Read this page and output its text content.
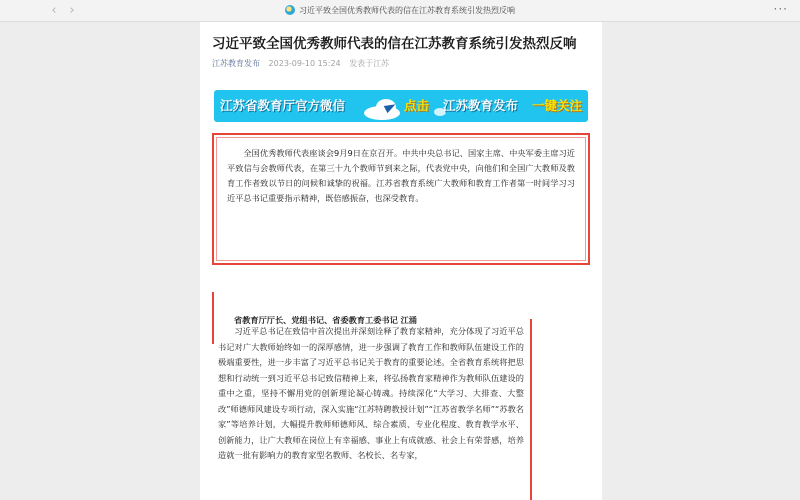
‹ ›	习近平致全国优秀教师代表的信在江苏教育系统引发热烈反响	···
习近平致全国优秀教师代表的信在江苏教育系统引发热烈反响
江苏教育发布 2023-09-10 15:24 发表于江苏
江苏省教育厅官方微信	点击 江苏教育发布 一键关注

全国优秀教师代表座谈会9月9日在京召开。中共中央总书记、国家主席、中央军委主席习近平致信与会教师代表，在第三十九个教师节到来之际，代表党中央，向他们和全国广大教师及教育工作者致以节日的问候和诚挚的祝福。江苏省教育系统广大教师和教育工作者第一时间学习习近平总书记重要指示精神，既倍感振奋，也深受教育。

省教育厅厅长、党组书记、省委教育工委书记 江涌

习近平总书记在致信中首次提出并深刻诠释了教育家精神，充分体现了习近平总书记对广大教师始终如一的深厚感情，进一步强调了教育工作和教师队伍建设工作的极端重要性，进一步丰富了习近平总书记关于教育的重要论述。全省教育系统将把思想和行动统一到习近平总书记致信精神上来，将弘扬教育家精神作为教师队伍建设的重中之重，坚持不懈用党的创新理论凝心铸魂。持续深化“大学习、大排查、大整改”师德师风建设专项行动，深入实施“江苏特聘教授计划”“江苏省教学名师”“苏教名家”等培养计划，大幅提升教师师德师风、综合素质、专业化程度、教育教学水平、创新能力，让广大教师在岗位上有幸福感、事业上有成就感、社会上有荣誉感，培养造就一批有影响力的教育家型名教师、名校长、名专家，
